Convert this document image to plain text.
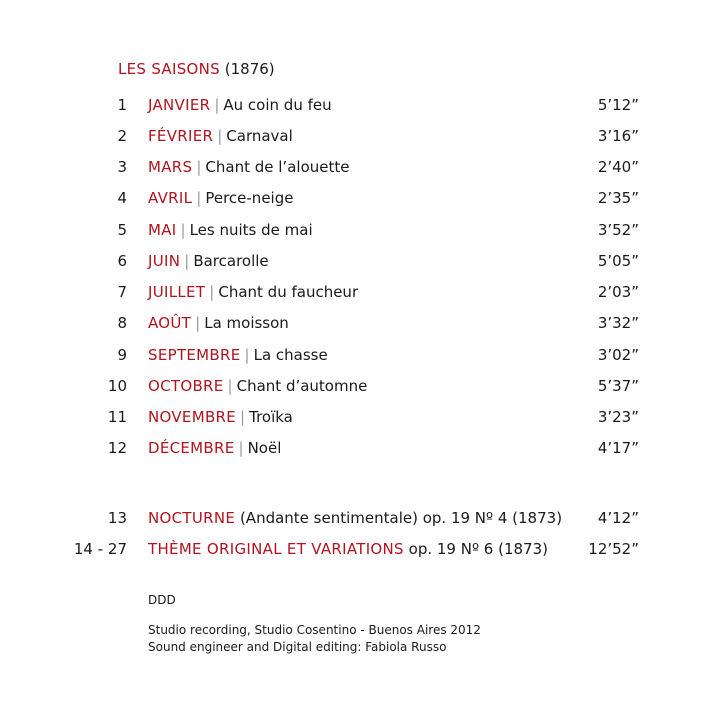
LES SAISONS (1876)
1 JANVIER | Au coin du feu	5’12”
2 FÉVRIER | Carnaval	3’16”
3 MARS | Chant de l’alouette	2’40”
4 AVRIL | Perce-neige	2’35”
5 MAI | Les nuits de mai	3’52”
6 JUIN | Barcarolle	5’05”
7 JUILLET | Chant du faucheur	2’03”
8 AOÛT | La moisson	3’32”
9 SEPTEMBRE | La chasse	3’02”
10 OCTOBRE | Chant d’automne	5’37”
11 NOVEMBRE | Troïka	3’23”
12 DÉCEMBRE | Noël	4’17”
13 NOCTURNE (Andante sentimentale) op. 19 Nº 4 (1873) 4’12”
14 - 27 THÈME ORIGINAL ET VARIATIONS op. 19 Nº 6 (1873)	12’52”
DDD
Studio recording, Studio Cosentino - Buenos Aires 2012
Sound engineer and Digital editing: Fabiola Russo
